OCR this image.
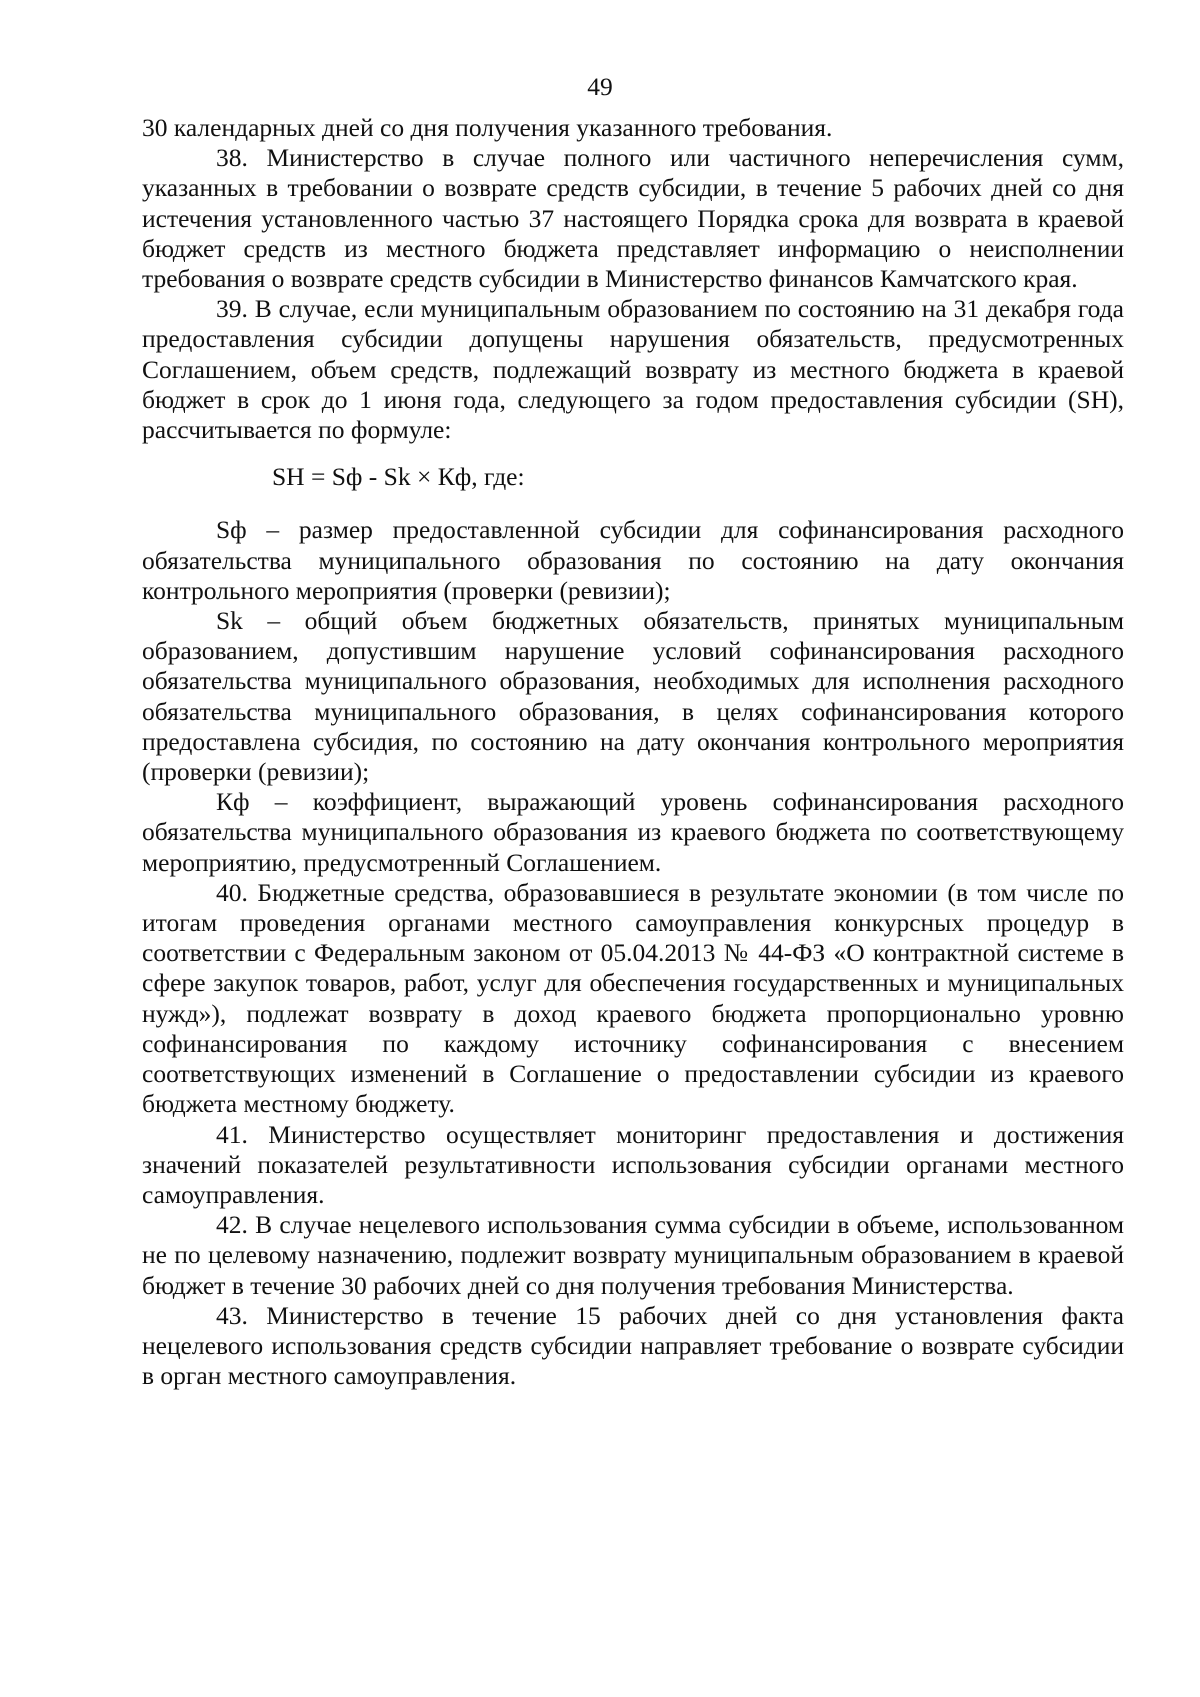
49

30 календарных дней со дня получения указанного требования.

38. Министерство в случае полного или частичного неперечисления сумм, указанных в требовании о возврате средств субсидии, в течение 5 рабочих дней со дня истечения установленного частью 37 настоящего Порядка срока для возврата в краевой бюджет средств из местного бюджета представляет информацию о неисполнении требования о возврате средств субсидии в Министерство финансов Камчатского края.

39. В случае, если муниципальным образованием по состоянию на 31 декабря года предоставления субсидии допущены нарушения обязательств, предусмотренных Соглашением, объем средств, подлежащий возврату из местного бюджета в краевой бюджет в срок до 1 июня года, следующего за годом предоставления субсидии (SН), рассчитывается по формуле:

SН = Sф - Sk × Кф, где:

Sф – размер предоставленной субсидии для софинансирования расходного обязательства муниципального образования по состоянию на дату окончания контрольного мероприятия (проверки (ревизии);

Sk – общий объем бюджетных обязательств, принятых муниципальным образованием, допустившим нарушение условий софинансирования расходного обязательства муниципального образования, необходимых для исполнения расходного обязательства муниципального образования, в целях софинансирования которого предоставлена субсидия, по состоянию на дату окончания контрольного мероприятия (проверки (ревизии);

Кф – коэффициент, выражающий уровень софинансирования расходного обязательства муниципального образования из краевого бюджета по соответствующему мероприятию, предусмотренный Соглашением.

40. Бюджетные средства, образовавшиеся в результате экономии (в том числе по итогам проведения органами местного самоуправления конкурсных процедур в соответствии с Федеральным законом от 05.04.2013 № 44-ФЗ «О контрактной системе в сфере закупок товаров, работ, услуг для обеспечения государственных и муниципальных нужд»), подлежат возврату в доход краевого бюджета пропорционально уровню софинансирования по каждому источнику софинансирования с внесением соответствующих изменений в Соглашение о предоставлении субсидии из краевого бюджета местному бюджету.

41. Министерство осуществляет мониторинг предоставления и достижения значений показателей результативности использования субсидии органами местного самоуправления.

42. В случае нецелевого использования сумма субсидии в объеме, использованном не по целевому назначению, подлежит возврату муниципальным образованием в краевой бюджет в течение 30 рабочих дней со дня получения требования Министерства.

43. Министерство в течение 15 рабочих дней со дня установления факта нецелевого использования средств субсидии направляет требование о возврате субсидии в орган местного самоуправления.
